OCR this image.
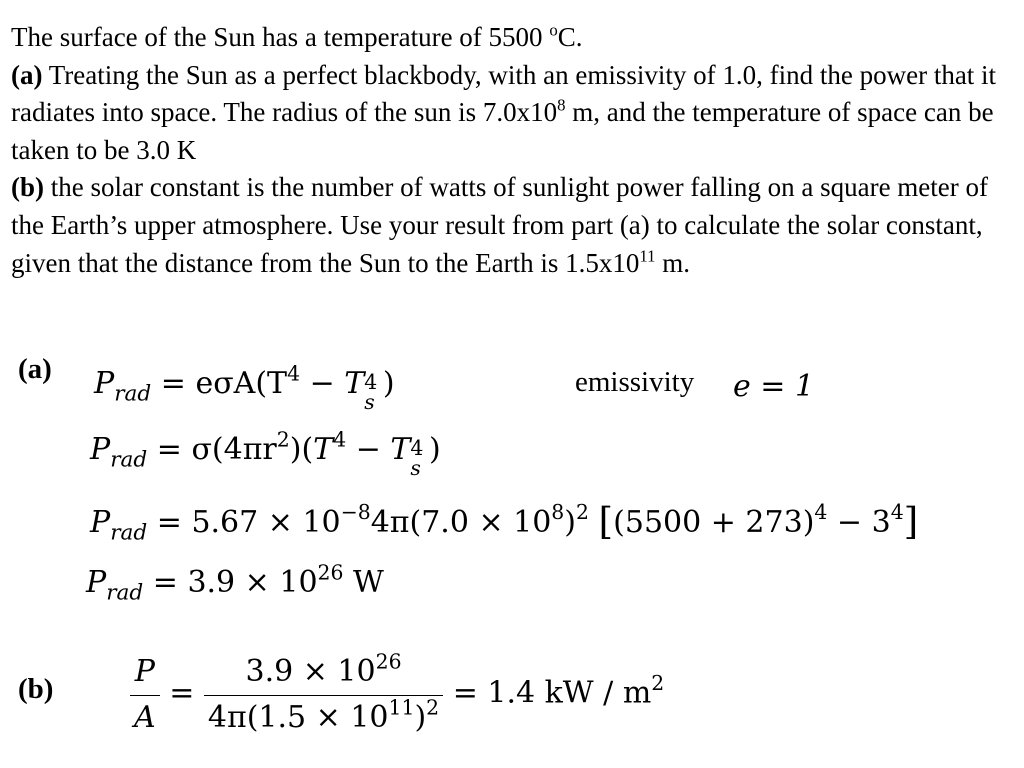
The surface of the Sun has a temperature of 5500 $^o$C.
(a) Treating the Sun as a perfect blackbody, with an emissivity of 1.0, find the power that it radiates into space. The radius of the sun is $7.0x10^8$ m, and the temperature of space can be taken to be 3.0 K
(b) the solar constant is the number of watts of sunlight power falling on a square meter of the Earth’s upper atmosphere. Use your result from part (a) to calculate the solar constant, given that the distance from the Sun to the Earth is $1.5x10^{11}$ m.
(a) $P_{rad} = e\sigma A(T^4 - T$ 4
s
)	emissivity e = 1
$P_{rad} = \sigma(4\pi r^2)(T^4 - T$ 4
s
)
$P_{rad} = 5.67 \times 10^{-8}4\pi(7.0 \times 10^8)^2$ $[(5500 + 273)^4 - 3^4]$
$P_{rad} = 3.9 \times 10^{26}$ W
(b)	$\frac{P}{A} = \frac{3.9 \times 10^{26}}{4\pi(1.5 \times 10^{11})^2} = 1.4$ kW / $m^2$
